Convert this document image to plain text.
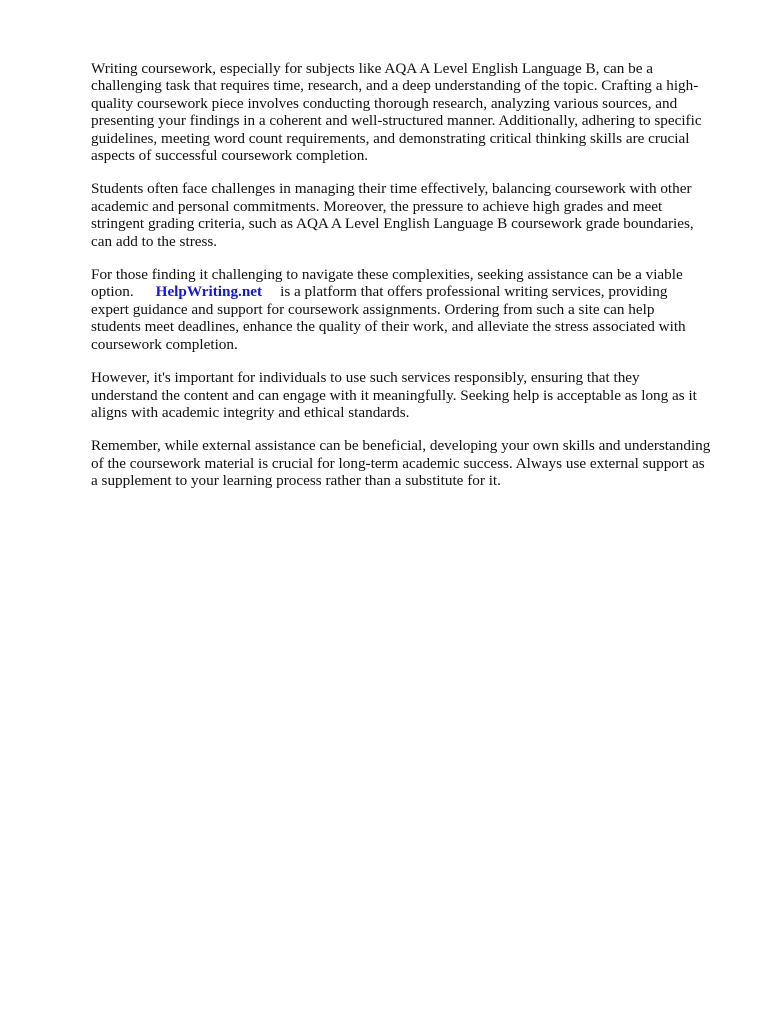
Writing coursework, especially for subjects like AQA A Level English Language B, can be a
challenging task that requires time, research, and a deep understanding of the topic. Crafting a high-
quality coursework piece involves conducting thorough research, analyzing various sources, and
presenting your findings in a coherent and well-structured manner. Additionally, adhering to specific
guidelines, meeting word count requirements, and demonstrating critical thinking skills are crucial
aspects of successful coursework completion.

Students often face challenges in managing their time effectively, balancing coursework with other
academic and personal commitments. Moreover, the pressure to achieve high grades and meet
stringent grading criteria, such as AQA A Level English Language B coursework grade boundaries,
can add to the stress.

For those finding it challenging to navigate these complexities, seeking assistance can be a viable
option. HelpWriting.net is a platform that offers professional writing services, providing
expert guidance and support for coursework assignments. Ordering from such a site can help
students meet deadlines, enhance the quality of their work, and alleviate the stress associated with
coursework completion.

However, it's important for individuals to use such services responsibly, ensuring that they
understand the content and can engage with it meaningfully. Seeking help is acceptable as long as it
aligns with academic integrity and ethical standards.

Remember, while external assistance can be beneficial, developing your own skills and understanding
of the coursework material is crucial for long-term academic success. Always use external support as
a supplement to your learning process rather than a substitute for it.
